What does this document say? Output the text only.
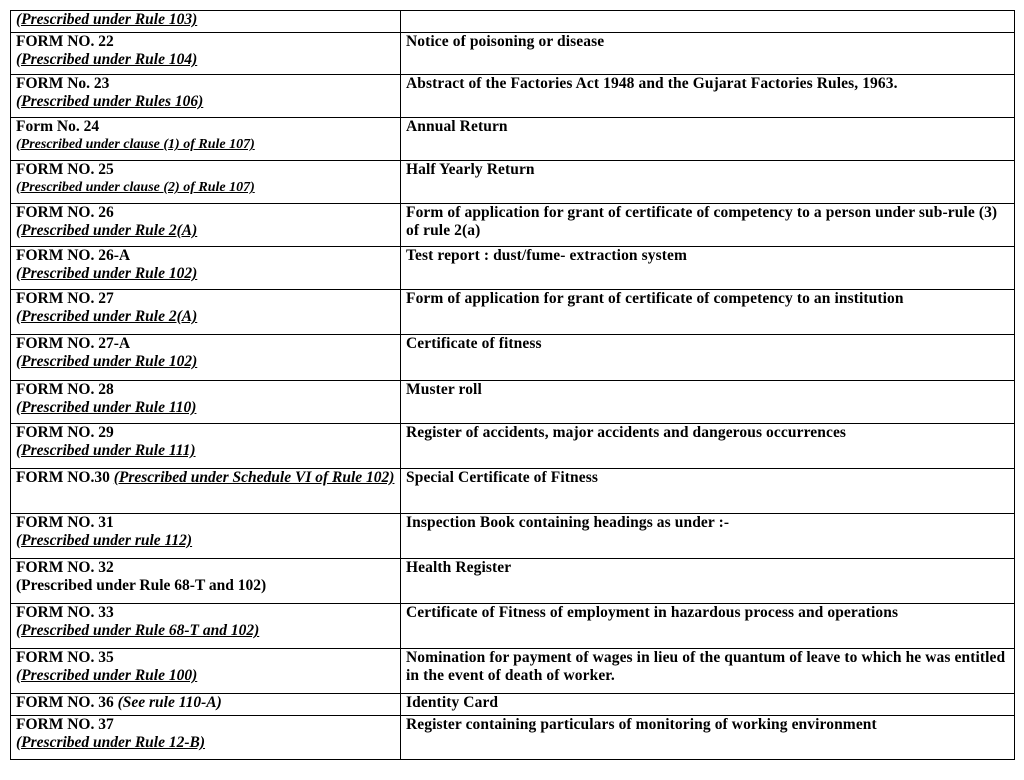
(Prescribed under Rule 103)	

FORM NO. 22
(Prescribed under Rule 104)	Notice of poisoning or disease

FORM No. 23
(Prescribed under Rules 106)	Abstract of the Factories Act 1948 and the Gujarat Factories Rules, 1963.

Form No. 24
(Prescribed under clause (1) of Rule 107)	Annual Return

FORM NO. 25
(Prescribed under clause (2) of Rule 107)	Half Yearly Return

FORM NO. 26
(Prescribed under Rule 2(A)	Form of application for grant of certificate of competency to a person under sub-rule (3) of rule 2(a)

FORM NO. 26-A
(Prescribed under Rule 102)	Test report : dust/fume- extraction system

FORM NO. 27
(Prescribed under Rule 2(A)	Form of application for grant of certificate of competency to an institution

FORM NO. 27-A
(Prescribed under Rule 102)	Certificate of fitness

FORM NO. 28
(Prescribed under Rule 110)	Muster roll

FORM NO. 29
(Prescribed under Rule 111)	Register of accidents, major accidents and dangerous occurrences
FORM NO.30 (Prescribed under Schedule VI of Rule 102)	Special Certificate of Fitness

FORM NO. 31
(Prescribed under rule 112)	Inspection Book containing headings as under :-

FORM NO. 32
(Prescribed under Rule 68-T and 102)	Health Register

FORM NO. 33
(Prescribed under Rule 68-T and 102)	Certificate of Fitness of employment in hazardous process and operations

FORM NO. 35
(Prescribed under Rule 100)	Nomination for payment of wages in lieu of the quantum of leave to which he was entitled in the event of death of worker.
FORM NO. 36 (See rule 110-A)	Identity Card

FORM NO. 37
(Prescribed under Rule 12-B)	Register containing particulars of monitoring of working environment
